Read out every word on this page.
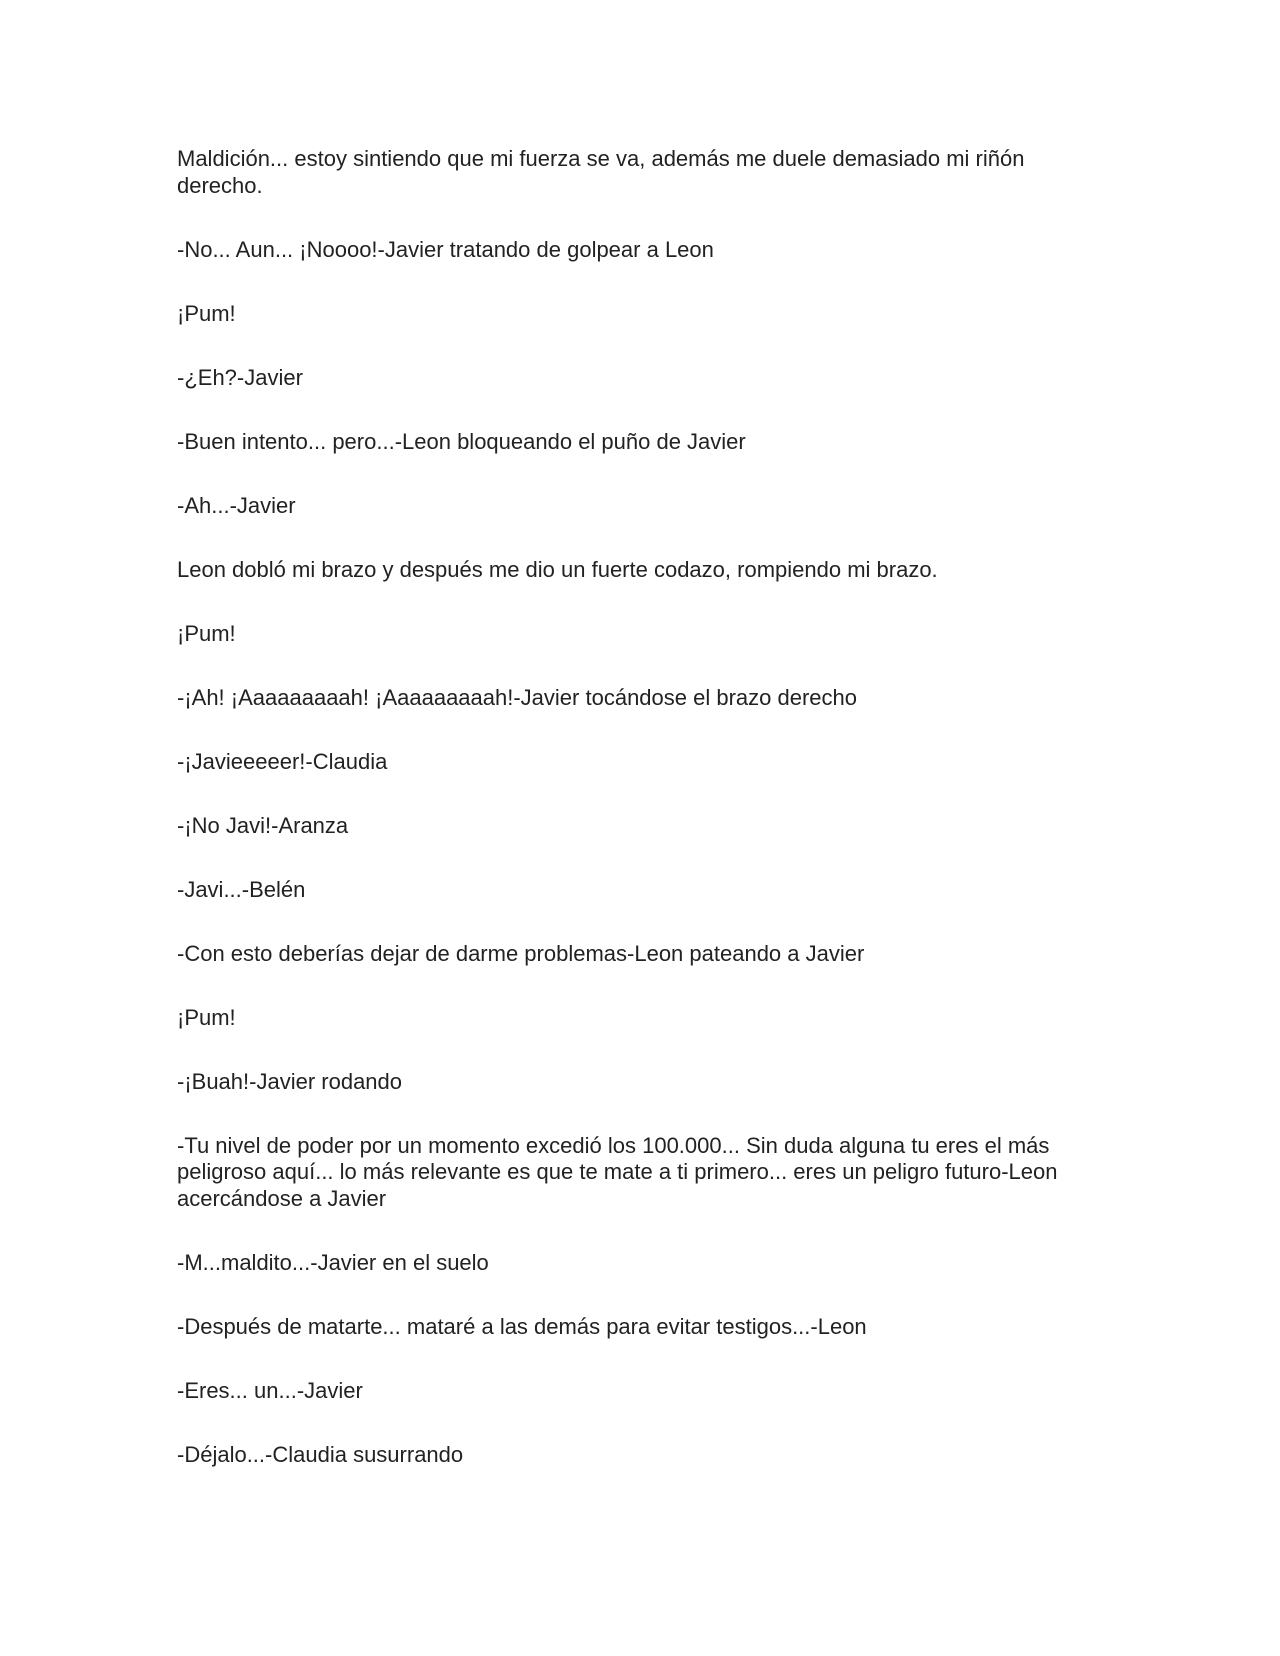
Maldición... estoy sintiendo que mi fuerza se va, además me duele demasiado mi riñón derecho.

-No... Aun... ¡Noooo!-Javier tratando de golpear a Leon

¡Pum!

-¿Eh?-Javier

-Buen intento... pero...-Leon bloqueando el puño de Javier

-Ah...-Javier

Leon dobló mi brazo y después me dio un fuerte codazo, rompiendo mi brazo.

¡Pum!

-¡Ah! ¡Aaaaaaaaah! ¡Aaaaaaaaah!-Javier tocándose el brazo derecho

-¡Javieeeeer!-Claudia

-¡No Javi!-Aranza

-Javi...-Belén

-Con esto deberías dejar de darme problemas-Leon pateando a Javier

¡Pum!

-¡Buah!-Javier rodando

-Tu nivel de poder por un momento excedió los 100.000... Sin duda alguna tu eres el más peligroso aquí... lo más relevante es que te mate a ti primero... eres un peligro futuro-Leon acercándose a Javier

-M...maldito...-Javier en el suelo

-Después de matarte... mataré a las demás para evitar testigos...-Leon

-Eres... un...-Javier

-Déjalo...-Claudia susurrando
